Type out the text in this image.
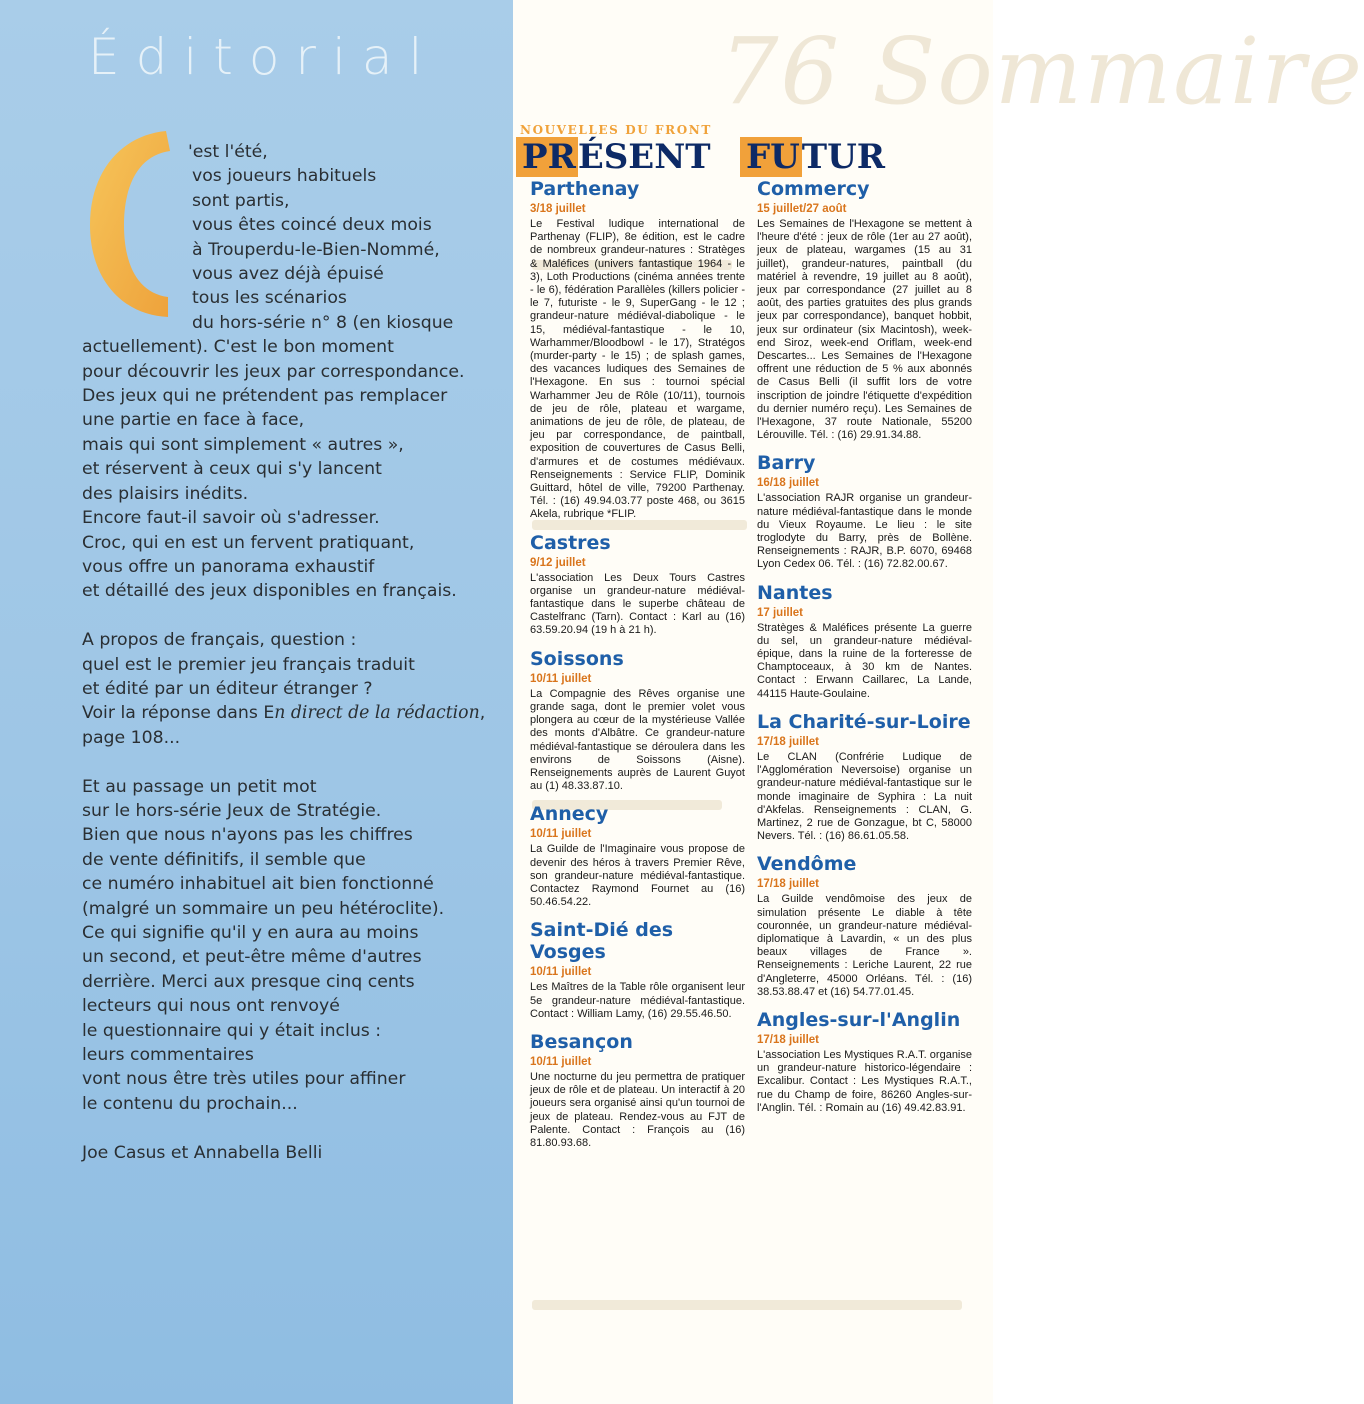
76 Sommaire
Éditorial
'est l'été,
vos joueurs habituels
sont partis,
vous êtes coincé deux mois
à Trouperdu-le-Bien-Nommé,
vous avez déjà épuisé
tous les scénarios
du hors-série n° 8 (en kiosque
actuellement). C'est le bon moment
pour découvrir les jeux par correspondance.
Des jeux qui ne prétendent pas remplacer
une partie en face à face,
mais qui sont simplement « autres »,
et réservent à ceux qui s'y lancent
des plaisirs inédits.
Encore faut-il savoir où s'adresser.
Croc, qui en est un fervent pratiquant,
vous offre un panorama exhaustif
et détaillé des jeux disponibles en français.
A propos de français, question :
quel est le premier jeu français traduit
et édité par un éditeur étranger ?
Voir la réponse dans En direct de la rédaction,
page 108...
Et au passage un petit mot
sur le hors-série Jeux de Stratégie.
Bien que nous n'ayons pas les chiffres
de vente définitifs, il semble que
ce numéro inhabituel ait bien fonctionné
(malgré un sommaire un peu hétéroclite).
Ce qui signifie qu'il y en aura au moins
un second, et peut-être même d'autres
derrière. Merci aux presque cinq cents
lecteurs qui nous ont renvoyé
le questionnaire qui y était inclus :
leurs commentaires
vont nous être très utiles pour affiner
le contenu du prochain...
Joe Casus et Annabella Belli
NOUVELLES DU FRONT
PRÉSENT FUTUR

Parthenay

3/18 juillet

Le Festival ludique international de Parthenay (FLIP), 8e édition, est le cadre de nombreux grandeur-natures : Stratèges & Maléfices (univers fantastique 1964 - le 3), Loth Productions (cinéma années trente - le 6), fédération Parallèles (killers policier - le 7, futuriste - le 9, SuperGang - le 12 ; grandeur-nature médiéval-diabolique - le 15, médiéval-fantastique - le 10, Warhammer/Bloodbowl - le 17), Stratégos (murder-party - le 15) ; de splash games, des vacances ludiques des Semaines de l'Hexagone. En sus : tournoi spécial Warhammer Jeu de Rôle (10/11), tournois de jeu de rôle, plateau et wargame, animations de jeu de rôle, de plateau, de jeu par correspondance, de paintball, exposition de couvertures de Casus Belli, d'armures et de costumes médiévaux. Renseignements : Service FLIP, Dominik Guittard, hôtel de ville, 79200 Parthenay. Tél. : (16) 49.94.03.77 poste 468, ou 3615 Akela, rubrique *FLIP.

Castres

9/12 juillet

L'association Les Deux Tours Castres organise un grandeur-nature médiéval-fantastique dans le superbe château de Castelfranc (Tarn). Contact : Karl au (16) 63.59.20.94 (19 h à 21 h).

Soissons

10/11 juillet

La Compagnie des Rêves organise une grande saga, dont le premier volet vous plongera au cœur de la mystérieuse Vallée des monts d'Albâtre. Ce grandeur-nature médiéval-fantastique se déroulera dans les environs de Soissons (Aisne). Renseignements auprès de Laurent Guyot au (1) 48.33.87.10.

Annecy

10/11 juillet

La Guilde de l'Imaginaire vous propose de devenir des héros à travers Premier Rêve, son grandeur-nature médiéval-fantastique. Contactez Raymond Fournet au (16) 50.46.54.22.

Saint-Dié des Vosges

10/11 juillet

Les Maîtres de la Table rôle organisent leur 5e grandeur-nature médiéval-fantastique. Contact : William Lamy, (16) 29.55.46.50.

Besançon

10/11 juillet

Une nocturne du jeu permettra de pratiquer jeux de rôle et de plateau. Un interactif à 20 joueurs sera organisé ainsi qu'un tournoi de jeux de plateau. Rendez-vous au FJT de Palente. Contact : François au (16) 81.80.93.68.

Commercy

15 juillet/27 août

Les Semaines de l'Hexagone se mettent à l'heure d'été : jeux de rôle (1er au 27 août), jeux de plateau, wargames (15 au 31 juillet), grandeur-natures, paintball (du matériel à revendre, 19 juillet au 8 août), jeux par correspondance (27 juillet au 8 août, des parties gratuites des plus grands jeux par correspondance), banquet hobbit, jeux sur ordinateur (six Macintosh), week-end Siroz, week-end Oriflam, week-end Descartes... Les Semaines de l'Hexagone offrent une réduction de 5 % aux abonnés de Casus Belli (il suffit lors de votre inscription de joindre l'étiquette d'expédition du dernier numéro reçu). Les Semaines de l'Hexagone, 37 route Nationale, 55200 Lérouville. Tél. : (16) 29.91.34.88.

Barry

16/18 juillet

L'association RAJR organise un grandeur-nature médiéval-fantastique dans le monde du Vieux Royaume. Le lieu : le site troglodyte du Barry, près de Bollène. Renseignements : RAJR, B.P. 6070, 69468 Lyon Cedex 06. Tél. : (16) 72.82.00.67.

Nantes

17 juillet

Stratèges & Maléfices présente La guerre du sel, un grandeur-nature médiéval-épique, dans la ruine de la forteresse de Champtoceaux, à 30 km de Nantes. Contact : Erwann Caillarec, La Lande, 44115 Haute-Goulaine.

La Charité-sur-Loire

17/18 juillet

Le CLAN (Confrérie Ludique de l'Agglomération Neversoise) organise un grandeur-nature médiéval-fantastique sur le monde imaginaire de Syphira : La nuit d'Akfelas. Renseignements : CLAN, G. Martinez, 2 rue de Gonzague, bt C, 58000 Nevers. Tél. : (16) 86.61.05.58.

Vendôme

17/18 juillet

La Guilde vendômoise des jeux de simulation présente Le diable à tête couronnée, un grandeur-nature médiéval-diplomatique à Lavardin, « un des plus beaux villages de France ». Renseignements : Leriche Laurent, 22 rue d'Angleterre, 45000 Orléans. Tél. : (16) 38.53.88.47 et (16) 54.77.01.45.

Angles-sur-l'Anglin

17/18 juillet

L'association Les Mystiques R.A.T. organise un grandeur-nature historico-légendaire : Excalibur. Contact : Les Mystiques R.A.T., rue du Champ de foire, 86260 Angles-sur-l'Anglin. Tél. : Romain au (16) 49.42.83.91.
